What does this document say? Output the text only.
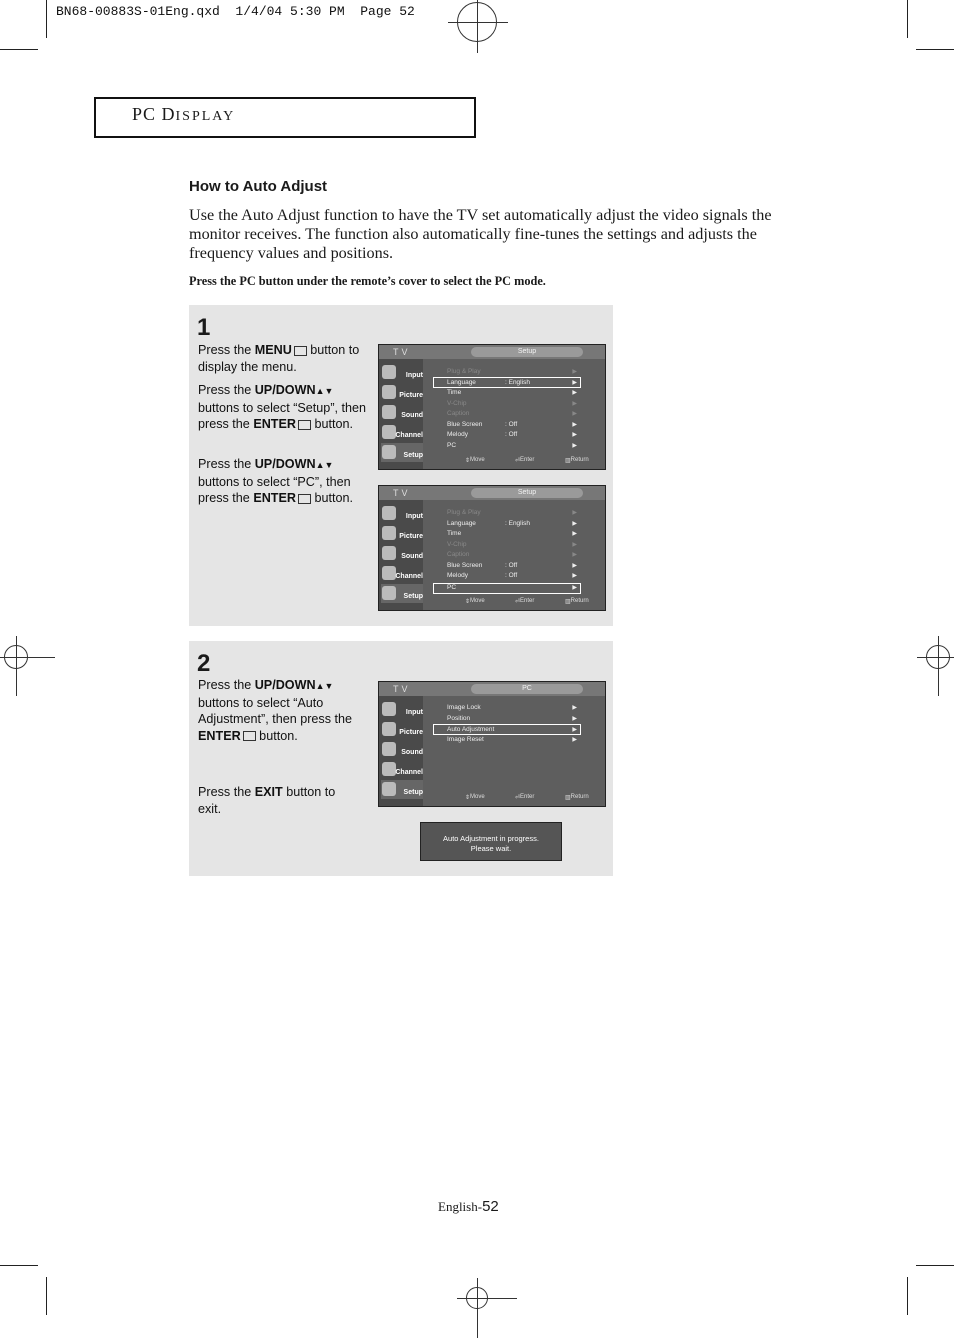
BN68-00883S-01Eng.qxd  1/4/04 5:30 PM  Page 52
PC DISPLAY
How to Auto Adjust
Use the Auto Adjust function to have the TV set automatically adjust the video signals the monitor receives. The function also automatically fine-tunes the settings and adjusts the frequency values and positions.
Press the PC button under the remote’s cover to select the PC mode.
1
Press the MENU button to display the menu.
Press the UP/DOWN▲▼ buttons to select “Setup”, then press the ENTER button.
Press the UP/DOWN▲▼ buttons to select “PC”, then press the ENTER button.
TV	Setup
Input
Picture
Sound
Channel
Setup
Plug & Play	▶
Language	: English	▶
Time	▶
V-Chip	▶
Caption	▶
Blue Screen	: Off	▶
Melody	: Off	▶
PC	▶
⇕ Move	⏎ Enter	▥ Return
TV	Setup
Input
Picture
Sound
Channel
Setup
Plug & Play	▶
Language	: English	▶
Time	▶
V-Chip	▶
Caption	▶
Blue Screen	: Off	▶
Melody	: Off	▶
PC	▶
⇕ Move	⏎ Enter	▥ Return
2
Press the UP/DOWN▲▼ buttons to select “Auto Adjustment”, then press the ENTER button.
Press the EXIT button to exit.
TV	PC
Input
Picture
Sound
Channel
Setup
Image Lock	▶
Position	▶
Auto Adjustment	▶
Image Reset	▶
⇕ Move	⏎ Enter	▥ Return
Auto Adjustment in progress.
Please wait.
English-52
